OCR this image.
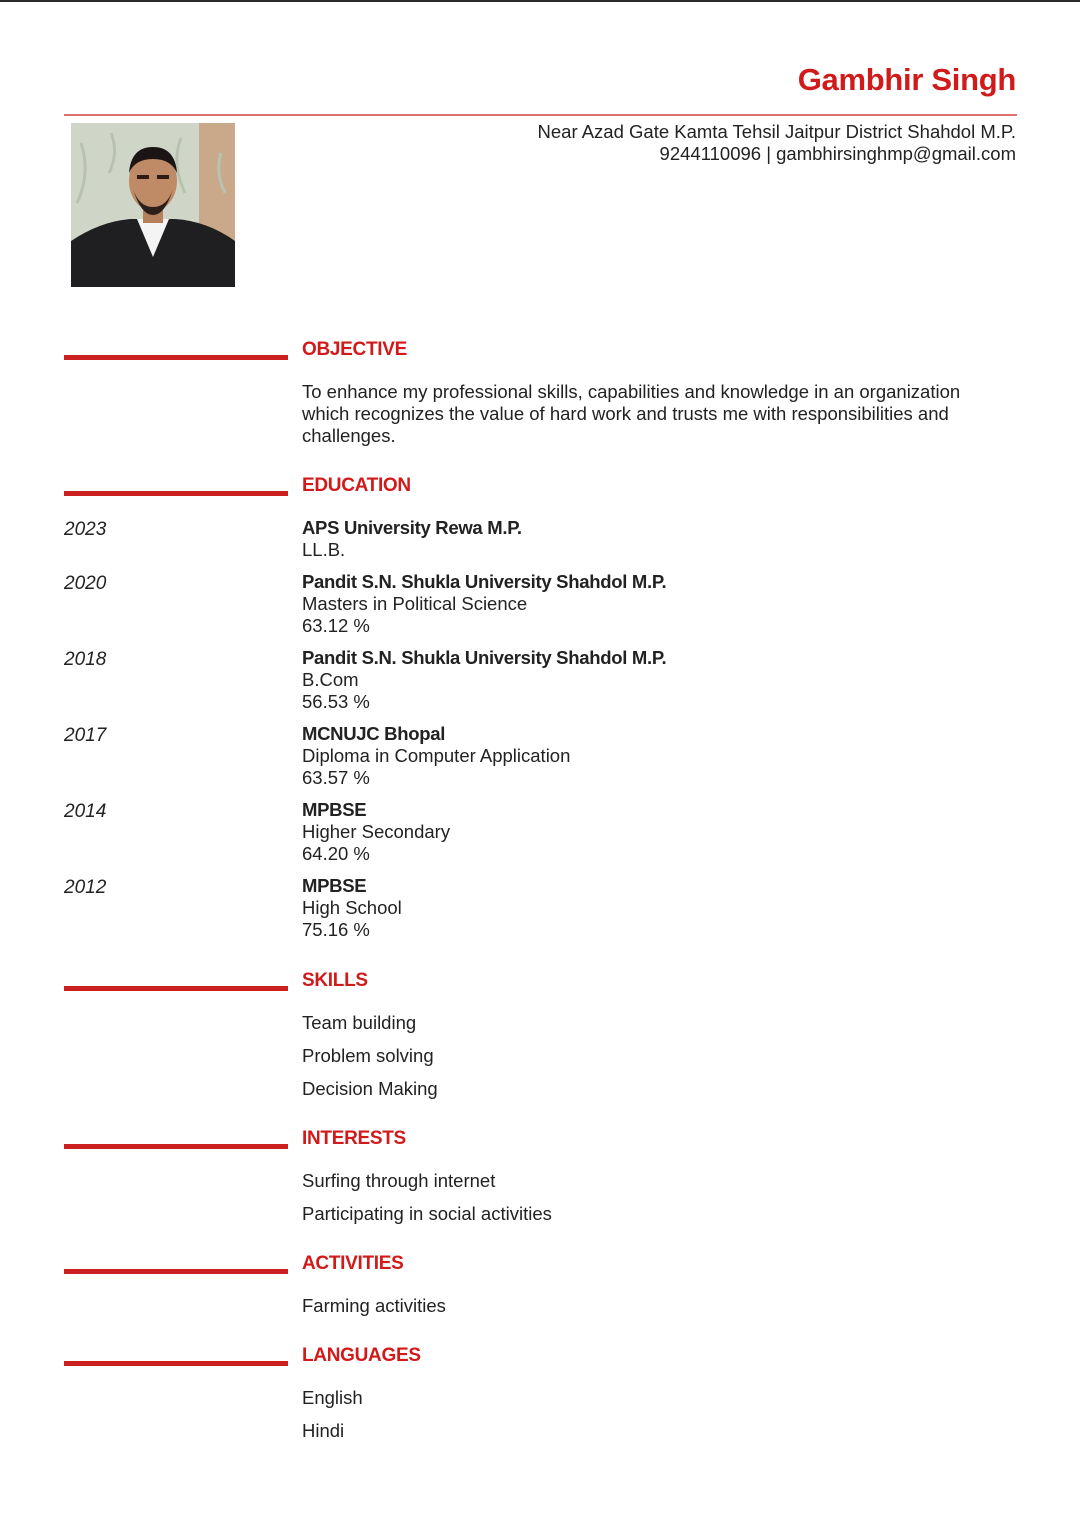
Gambhir Singh
Near Azad Gate Kamta Tehsil Jaitpur District Shahdol M.P.
9244110096 | gambhirsinghmp@gmail.com
OBJECTIVE
To enhance my professional skills, capabilities and knowledge in an organization which recognizes the value of hard work and trusts me with responsibilities and challenges.
EDUCATION
2023	APS University Rewa M.P.
LL.B.
2020	Pandit S.N. Shukla University Shahdol M.P.
Masters in Political Science
63.12 %
2018	Pandit S.N. Shukla University Shahdol M.P.
B.Com
56.53 %
2017	MCNUJC Bhopal
Diploma in Computer Application
63.57 %
2014	MPBSE
Higher Secondary
64.20 %
2012	MPBSE
High School
75.16 %
SKILLS
Team building
Problem solving
Decision Making
INTERESTS
Surfing through internet
Participating in social activities
ACTIVITIES
Farming activities
LANGUAGES
English
Hindi
